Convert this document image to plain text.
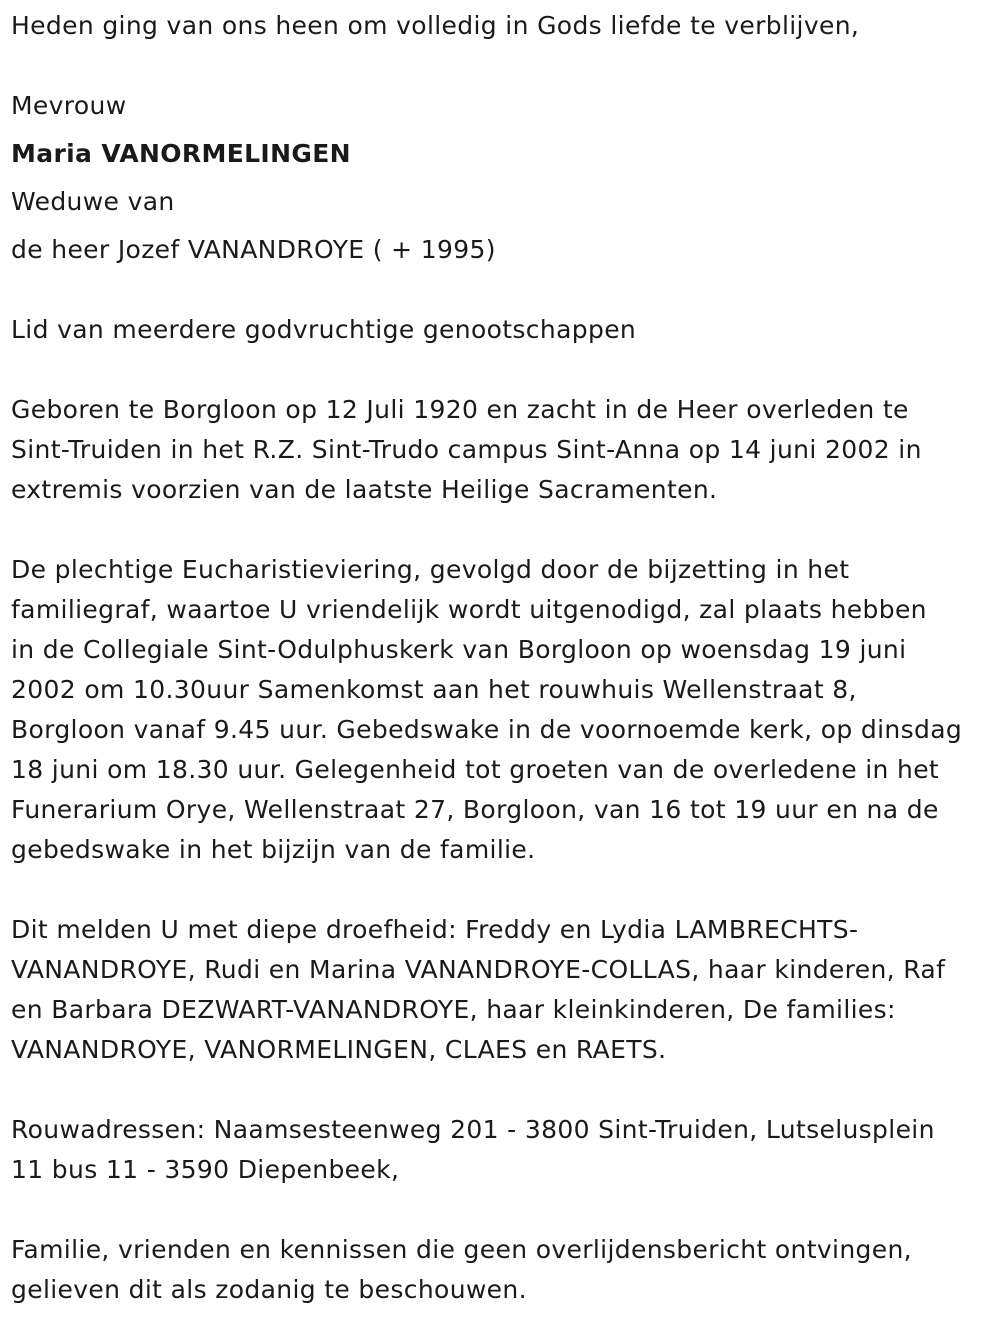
Heden ging van ons heen om volledig in Gods liefde te verblijven,

Mevrouw

Maria VANORMELINGEN

Weduwe van

de heer Jozef VANANDROYE ( + 1995)

Lid van meerdere godvruchtige genootschappen

Geboren te Borgloon op 12 Juli 1920 en zacht in de Heer overleden te
Sint-Truiden in het R.Z. Sint-Trudo campus Sint-Anna op 14 juni 2002 in
extremis voorzien van de laatste Heilige Sacramenten.
De plechtige Eucharistieviering, gevolgd door de bijzetting in het
familiegraf, waartoe U vriendelijk wordt uitgenodigd, zal plaats hebben
in de Collegiale Sint-Odulphuskerk van Borgloon op woensdag 19 juni
2002 om 10.30uur Samenkomst aan het rouwhuis Wellenstraat 8,
Borgloon vanaf 9.45 uur. Gebedswake in de voornoemde kerk, op dinsdag
18 juni om 18.30 uur. Gelegenheid tot groeten van de overledene in het
Funerarium Orye, Wellenstraat 27, Borgloon, van 16 tot 19 uur en na de
gebedswake in het bijzijn van de familie.
Dit melden U met diepe droefheid: Freddy en Lydia LAMBRECHTS-
VANANDROYE, Rudi en Marina VANANDROYE-COLLAS, haar kinderen, Raf
en Barbara DEZWART-VANANDROYE, haar kleinkinderen, De families:
VANANDROYE, VANORMELINGEN, CLAES en RAETS.
Rouwadressen: Naamsesteenweg 201 - 3800 Sint-Truiden, Lutselusplein
11 bus 11 - 3590 Diepenbeek,
Familie, vrienden en kennissen die geen overlijdensbericht ontvingen,
gelieven dit als zodanig te beschouwen.
